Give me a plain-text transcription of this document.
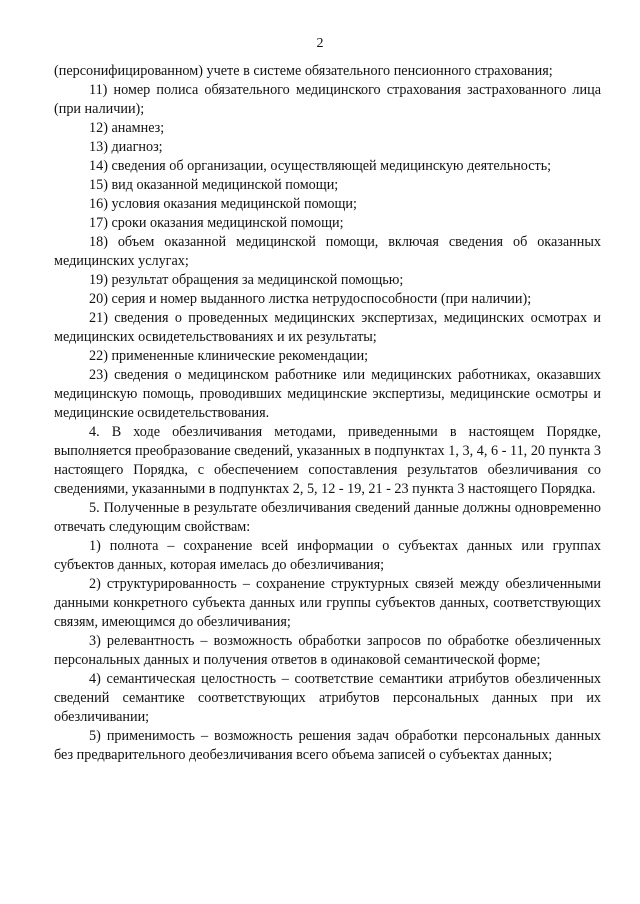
2

(персонифицированном) учете в системе обязательного пенсионного страхования;

11) номер полиса обязательного медицинского страхования застрахованного лица (при наличии);

12) анамнез;

13) диагноз;

14) сведения об организации, осуществляющей медицинскую деятельность;

15) вид оказанной медицинской помощи;

16) условия оказания медицинской помощи;

17) сроки оказания медицинской помощи;

18) объем оказанной медицинской помощи, включая сведения об оказанных медицинских услугах;

19) результат обращения за медицинской помощью;

20) серия и номер выданного листка нетрудоспособности (при наличии);

21) сведения о проведенных медицинских экспертизах, медицинских осмотрах и медицинских освидетельствованиях и их результаты;

22) примененные клинические рекомендации;

23) сведения о медицинском работнике или медицинских работниках, оказавших медицинскую помощь, проводивших медицинские экспертизы, медицинские осмотры и медицинские освидетельствования.

4. В ходе обезличивания методами, приведенными в настоящем Порядке, выполняется преобразование сведений, указанных в подпунктах 1, 3, 4, 6 - 11, 20 пункта 3 настоящего Порядка, с обеспечением сопоставления результатов обезличивания со сведениями, указанными в подпунктах 2, 5, 12 - 19, 21 - 23 пункта 3 настоящего Порядка.

5. Полученные в результате обезличивания сведений данные должны одновременно отвечать следующим свойствам:

1) полнота – сохранение всей информации о субъектах данных или группах субъектов данных, которая имелась до обезличивания;

2) структурированность – сохранение структурных связей между обезличенными данными конкретного субъекта данных или группы субъектов данных, соответствующих связям, имеющимся до обезличивания;

3) релевантность – возможность обработки запросов по обработке обезличенных персональных данных и получения ответов в одинаковой семантической форме;

4) семантическая целостность – соответствие семантики атрибутов обезличенных сведений семантике соответствующих атрибутов персональных данных при их обезличивании;

5) применимость – возможность решения задач обработки персональных данных без предварительного деобезличивания всего объема записей о субъектах данных;
